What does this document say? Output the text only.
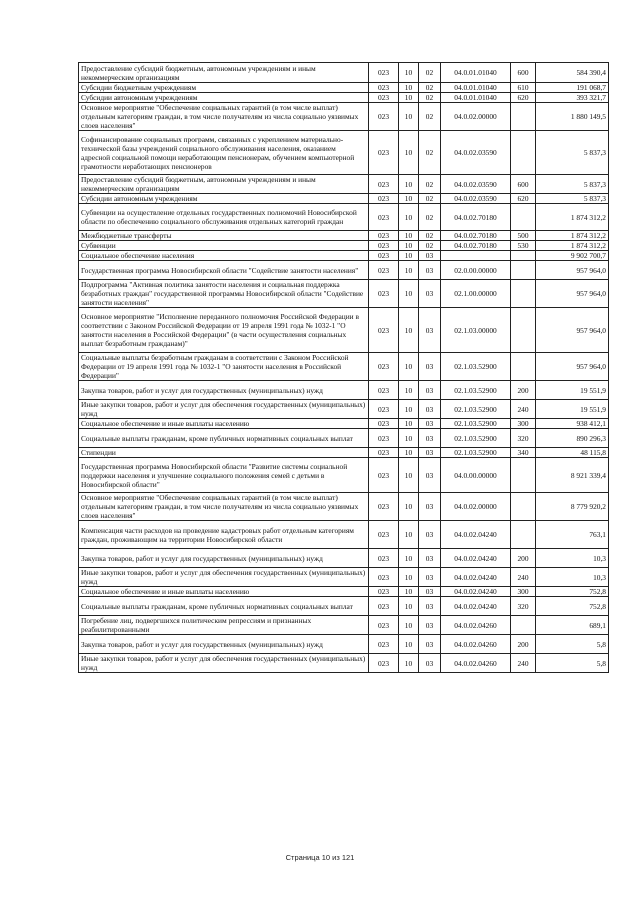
Предоставление субсидий бюджетным, автономным учреждениям и иным некоммерческим организациям	023	10	02	04.0.01.01040	600	584 390,4
Субсидии бюджетным учреждениям	023	10	02	04.0.01.01040	610	191 068,7
Субсидии автономным учреждениям	023	10	02	04.0.01.01040	620	393 321,7
Основное мероприятие "Обеспечение социальных гарантий (в том числе выплат) отдельным категориям граждан, в том числе получателям из числа социально уязвимых слоев населения"	023	10	02	04.0.02.00000		1 880 149,5
Софинансирование социальных программ, связанных с укреплением материально-технической базы учреждений социального обслуживания населения, оказанием адресной социальной помощи неработающим пенсионерам, обучением компьютерной грамотности неработающих пенсионеров	023	10	02	04.0.02.03590		5 837,3
Предоставление субсидий бюджетным, автономным учреждениям и иным некоммерческим организациям	023	10	02	04.0.02.03590	600	5 837,3
Субсидии автономным учреждениям	023	10	02	04.0.02.03590	620	5 837,3
Субвенции на осуществление отдельных государственных полномочий Новосибирской области по обеспечению социального обслуживания отдельных категорий граждан	023	10	02	04.0.02.70180		1 874 312,2
Межбюджетные трансферты	023	10	02	04.0.02.70180	500	1 874 312,2
Субвенции	023	10	02	04.0.02.70180	530	1 874 312,2
Социальное обеспечение населения	023	10	03			9 902 700,7
Государственная программа Новосибирской области "Содействие занятости населения"	023	10	03	02.0.00.00000		957 964,0
Подпрограмма "Активная политика занятости населения и социальная поддержка безработных граждан" государственной программы Новосибирской области "Содействие занятости населения"	023	10	03	02.1.00.00000		957 964,0
Основное мероприятие "Исполнение переданного полномочия Российской Федерации в соответствии с Законом Российской Федерации от 19 апреля 1991 года № 1032-1 "О занятости населения в Российской Федерации" (в части осуществления социальных выплат безработным гражданам)"	023	10	03	02.1.03.00000		957 964,0
Социальные выплаты безработным гражданам в соответствии с Законом Российской Федерации от 19 апреля 1991 года № 1032-1 "О занятости населения в Российской Федерации"	023	10	03	02.1.03.52900		957 964,0
Закупка товаров, работ и услуг для государственных (муниципальных) нужд	023	10	03	02.1.03.52900	200	19 551,9
Иные закупки товаров, работ и услуг для обеспечения государственных (муниципальных) нужд	023	10	03	02.1.03.52900	240	19 551,9
Социальное обеспечение и иные выплаты населению	023	10	03	02.1.03.52900	300	938 412,1
Социальные выплаты гражданам, кроме публичных нормативных социальных выплат	023	10	03	02.1.03.52900	320	890 296,3
Стипендии	023	10	03	02.1.03.52900	340	48 115,8
Государственная программа Новосибирской области "Развитие системы социальной поддержки населения и улучшение социального положения семей с детьми в Новосибирской области"	023	10	03	04.0.00.00000		8 921 339,4
Основное мероприятие "Обеспечение социальных гарантий (в том числе выплат) отдельным категориям граждан, в том числе получателям из числа социально уязвимых слоев населения"	023	10	03	04.0.02.00000		8 779 920,2
Компенсация части расходов на проведение кадастровых работ отдельным категориям граждан, проживающим на территории Новосибирской области	023	10	03	04.0.02.04240		763,1
Закупка товаров, работ и услуг для государственных (муниципальных) нужд	023	10	03	04.0.02.04240	200	10,3
Иные закупки товаров, работ и услуг для обеспечения государственных (муниципальных) нужд	023	10	03	04.0.02.04240	240	10,3
Социальное обеспечение и иные выплаты населению	023	10	03	04.0.02.04240	300	752,8
Социальные выплаты гражданам, кроме публичных нормативных социальных выплат	023	10	03	04.0.02.04240	320	752,8
Погребение лиц, подвергшихся политическим репрессиям и признанных реабилитированными	023	10	03	04.0.02.04260		689,1
Закупка товаров, работ и услуг для государственных (муниципальных) нужд	023	10	03	04.0.02.04260	200	5,8
Иные закупки товаров, работ и услуг для обеспечения государственных (муниципальных) нужд	023	10	03	04.0.02.04260	240	5,8
Страница 10 из 121
